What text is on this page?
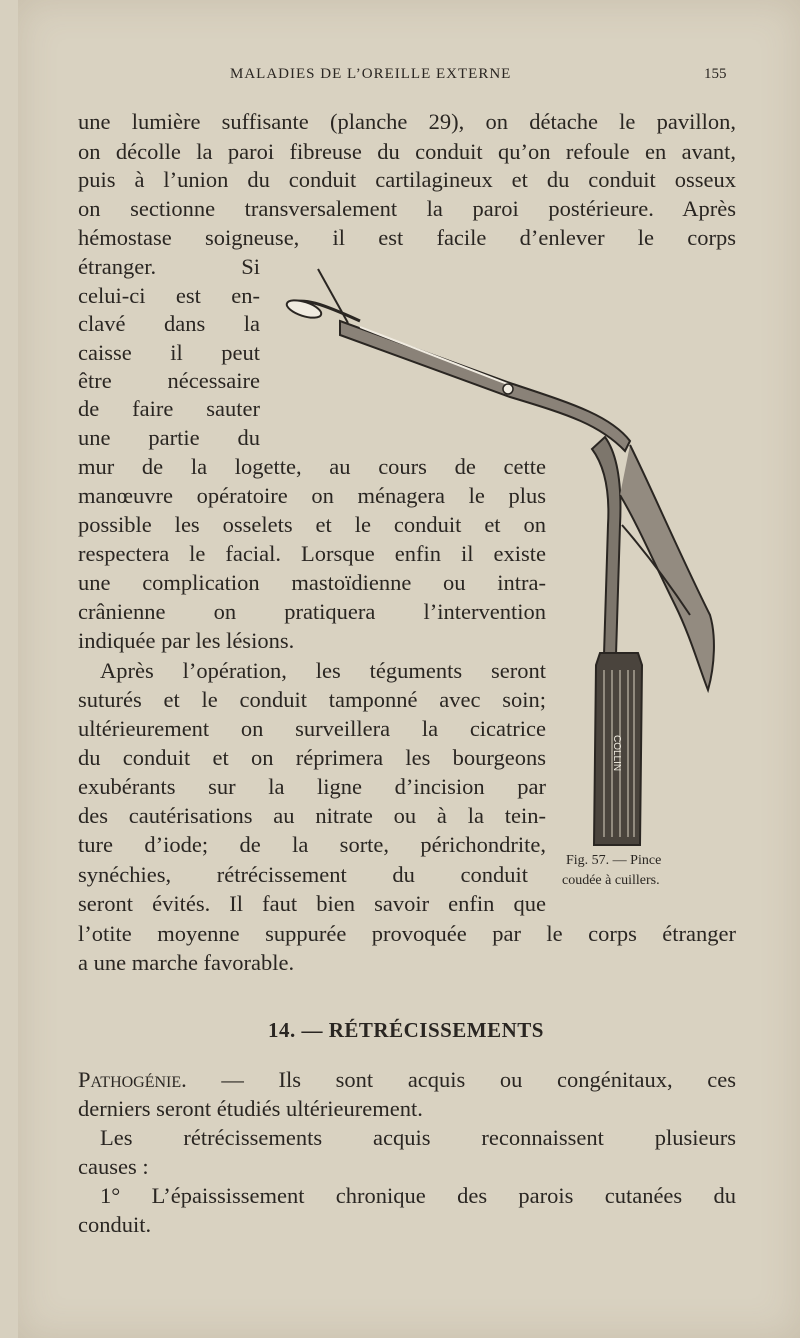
MALADIES DE L’OREILLE EXTERNE	155
une lumière suffisante (planche 29), on détache le pavillon,
on décolle la paroi fibreuse du conduit qu’on refoule en avant,
puis à l’union du conduit cartilagineux et du conduit osseux
on sectionne transversalement la paroi postérieure. Après
hémostase soigneuse, il est facile d’enlever le corps
étranger. Si
celui-ci est en-
clavé dans la
caisse il peut
être nécessaire
de faire sauter
une partie du
mur de la logette, au cours de cette
manœuvre opératoire on ménagera le plus
possible les osselets et le conduit et on
respectera le facial. Lorsque enfin il existe
une complication mastoïdienne ou intra-
crânienne on pratiquera l’intervention
indiquée par les lésions.
Après l’opération, les téguments seront
suturés et le conduit tamponné avec soin;
ultérieurement on surveillera la cicatrice
du conduit et on réprimera les bourgeons
exubérants sur la ligne d’incision par
des cautérisations au nitrate ou à la tein-
ture d’iode; de la sorte, périchondrite,
synéchies, rétrécissement du conduit
seront évités. Il faut bien savoir enfin que
l’otite moyenne suppurée provoquée par le corps étranger
a une marche favorable.
COLLIN
Fig. 57. — Pince
coudée à cuillers.
14. — RÉTRÉCISSEMENTS
Pathogénie. — Ils sont acquis ou congénitaux, ces
derniers seront étudiés ultérieurement.
Les rétrécissements acquis reconnaissent plusieurs
causes :
1° L’épaississement chronique des parois cutanées du
conduit.
